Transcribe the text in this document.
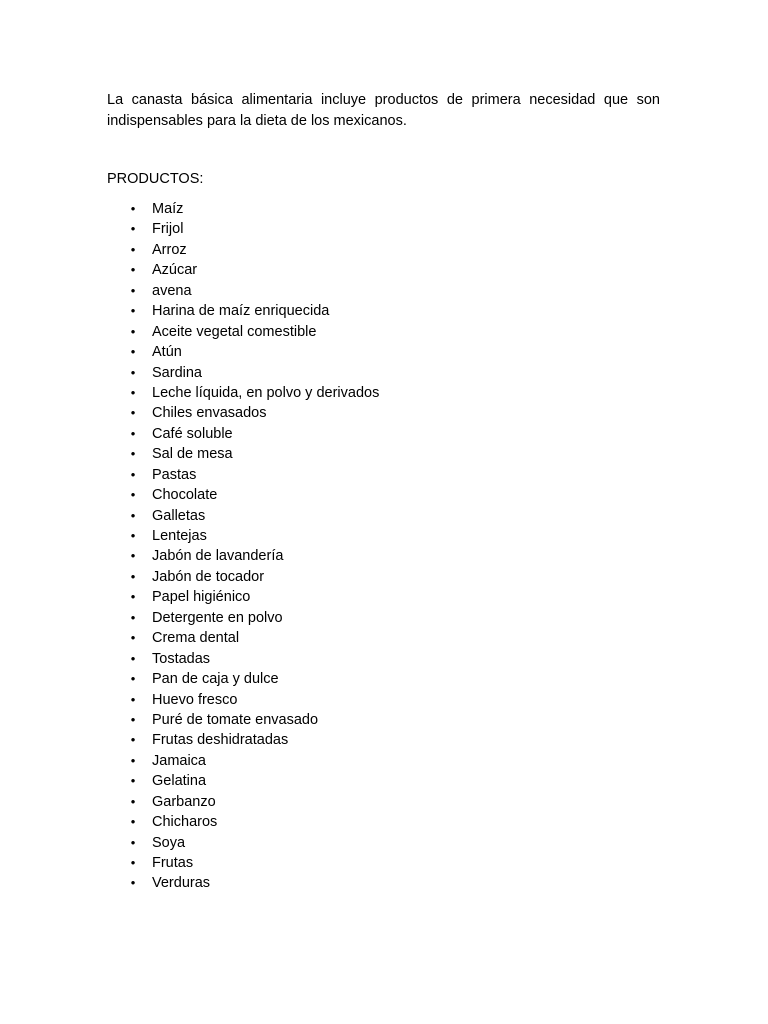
La canasta básica alimentaria incluye productos de primera necesidad que son indispensables para la dieta de los mexicanos.

PRODUCTOS:

• Maíz
• Frijol
• Arroz
• Azúcar
• avena
• Harina de maíz enriquecida
• Aceite vegetal comestible
• Atún
• Sardina
• Leche líquida, en polvo y derivados
• Chiles envasados
• Café soluble
• Sal de mesa
• Pastas
• Chocolate
• Galletas
• Lentejas
• Jabón de lavandería
• Jabón de tocador
• Papel higiénico
• Detergente en polvo
• Crema dental
• Tostadas
• Pan de caja y dulce
• Huevo fresco
• Puré de tomate envasado
• Frutas deshidratadas
• Jamaica
• Gelatina
• Garbanzo
• Chicharos
• Soya
• Frutas
• Verduras
